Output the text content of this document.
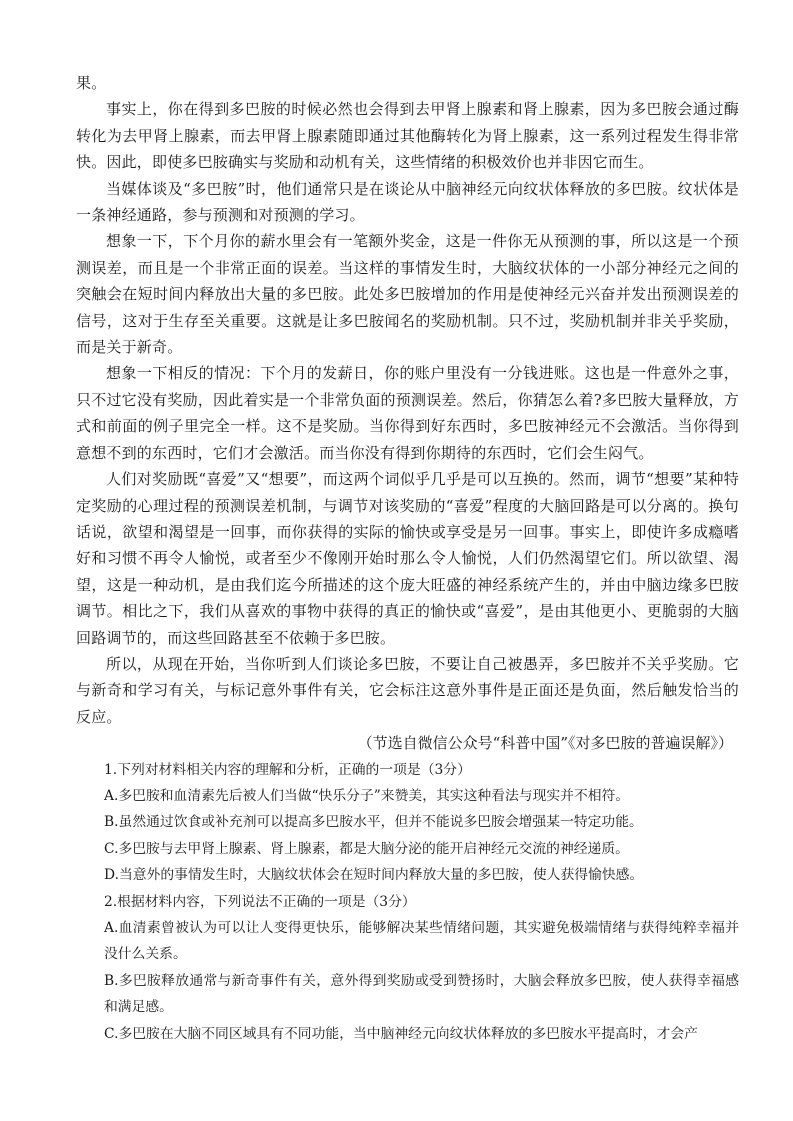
果。

事实上，你在得到多巴胺的时候必然也会得到去甲肾上腺素和肾上腺素，因为多巴胺会通过酶转化为去甲肾上腺素，而去甲肾上腺素随即通过其他酶转化为肾上腺素，这一系列过程发生得非常快。因此，即使多巴胺确实与奖励和动机有关，这些情绪的积极效价也并非因它而生。

当媒体谈及“多巴胺”时，他们通常只是在谈论从中脑神经元向纹状体释放的多巴胺。纹状体是一条神经通路，参与预测和对预测的学习。

想象一下，下个月你的薪水里会有一笔额外奖金，这是一件你无从预测的事，所以这是一个预测误差，而且是一个非常正面的误差。当这样的事情发生时，大脑纹状体的一小部分神经元之间的突触会在短时间内释放出大量的多巴胺。此处多巴胺增加的作用是使神经元兴奋并发出预测误差的信号，这对于生存至关重要。这就是让多巴胺闻名的奖励机制。只不过，奖励机制并非关乎奖励，而是关于新奇。

想象一下相反的情况：下个月的发薪日，你的账户里没有一分钱进账。这也是一件意外之事，只不过它没有奖励，因此着实是一个非常负面的预测误差。然后，你猜怎么着?多巴胺大量释放，方式和前面的例子里完全一样。这不是奖励。当你得到好东西时，多巴胺神经元不会激活。当你得到意想不到的东西时，它们才会激活。而当你没有得到你期待的东西时，它们会生闷气。

人们对奖励既“喜爱”又“想要”，而这两个词似乎几乎是可以互换的。然而，调节“想要”某种特定奖励的心理过程的预测误差机制，与调节对该奖励的“喜爱”程度的大脑回路是可以分离的。换句话说，欲望和渴望是一回事，而你获得的实际的愉快或享受是另一回事。事实上，即使许多成瘾嗜好和习惯不再令人愉悦，或者至少不像刚开始时那么令人愉悦，人们仍然渴望它们。所以欲望、渴望，这是一种动机，是由我们迄今所描述的这个庞大旺盛的神经系统产生的，并由中脑边缘多巴胺调节。相比之下，我们从喜欢的事物中获得的真正的愉快或“喜爱”，是由其他更小、更脆弱的大脑回路调节的，而这些回路甚至不依赖于多巴胺。

所以，从现在开始，当你听到人们谈论多巴胺，不要让自己被愚弄，多巴胺并不关乎奖励。它与新奇和学习有关，与标记意外事件有关，它会标注这意外事件是正面还是负面，然后触发恰当的反应。

（节选自微信公众号“科普中国”《对多巴胺的普遍误解》）

1.下列对材料相关内容的理解和分析，正确的一项是（3分）

A.多巴胺和血清素先后被人们当做“快乐分子”来赞美，其实这种看法与现实并不相符。

B.虽然通过饮食或补充剂可以提高多巴胺水平，但并不能说多巴胺会增强某一特定功能。

C.多巴胺与去甲肾上腺素、肾上腺素，都是大脑分泌的能开启神经元交流的神经递质。

D.当意外的事情发生时，大脑纹状体会在短时间内释放大量的多巴胺，使人获得愉快感。

2.根据材料内容，下列说法不正确的一项是（3分）

A.血清素曾被认为可以让人变得更快乐，能够解决某些情绪问题，其实避免极端情绪与获得纯粹幸福并没什么关系。

B.多巴胺释放通常与新奇事件有关，意外得到奖励或受到赞扬时，大脑会释放多巴胺，使人获得幸福感和满足感。

C.多巴胺在大脑不同区域具有不同功能，当中脑神经元向纹状体释放的多巴胺水平提高时，才会产
